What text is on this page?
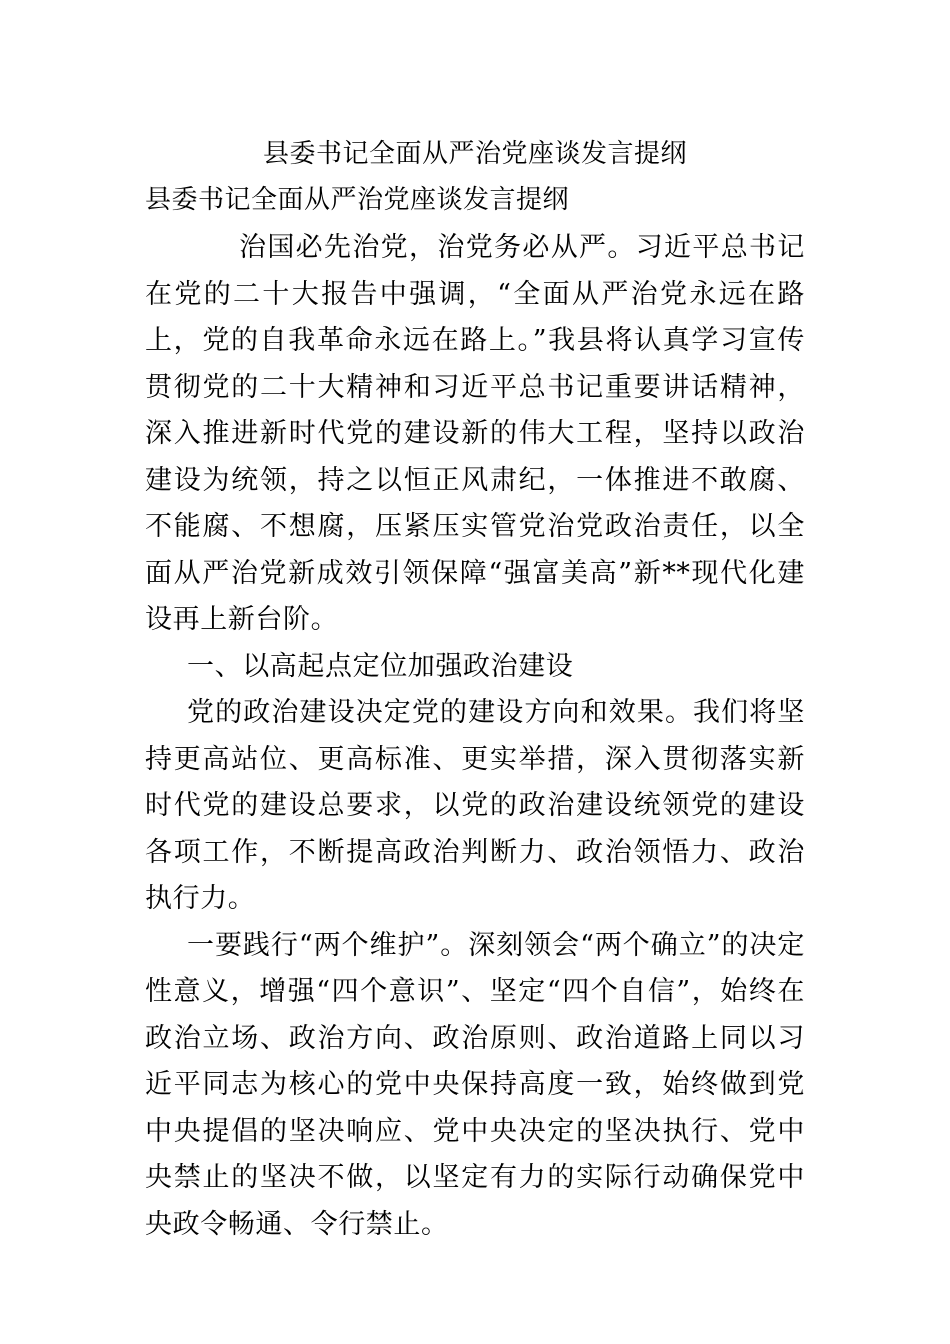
县委书记全面从严治党座谈发言提纲
县委书记全面从严治党座谈发言提纲

治国必先治党，治党务必从严。习近平总书记在党的二十大报告中强调，“全面从严治党永远在路上，党的自我革命永远在路上。”我县将认真学习宣传贯彻党的二十大精神和习近平总书记重要讲话精神，深入推进新时代党的建设新的伟大工程，坚持以政治建设为统领，持之以恒正风肃纪，一体推进不敢腐、不能腐、不想腐，压紧压实管党治党政治责任，以全面从严治党新成效引领保障“强富美高”新**现代化建设再上新台阶。

一、以高起点定位加强政治建设

党的政治建设决定党的建设方向和效果。我们将坚持更高站位、更高标准、更实举措，深入贯彻落实新时代党的建设总要求，以党的政治建设统领党的建设各项工作，不断提高政治判断力、政治领悟力、政治执行力。

一要践行“两个维护”。深刻领会“两个确立”的决定性意义，增强“四个意识”、坚定“四个自信”，始终在政治立场、政治方向、政治原则、政治道路上同以习近平同志为核心的党中央保持高度一致，始终做到党中央提倡的坚决响应、党中央决定的坚决执行、党中央禁止的坚决不做，以坚定有力的实际行动确保党中央政令畅通、令行禁止。
